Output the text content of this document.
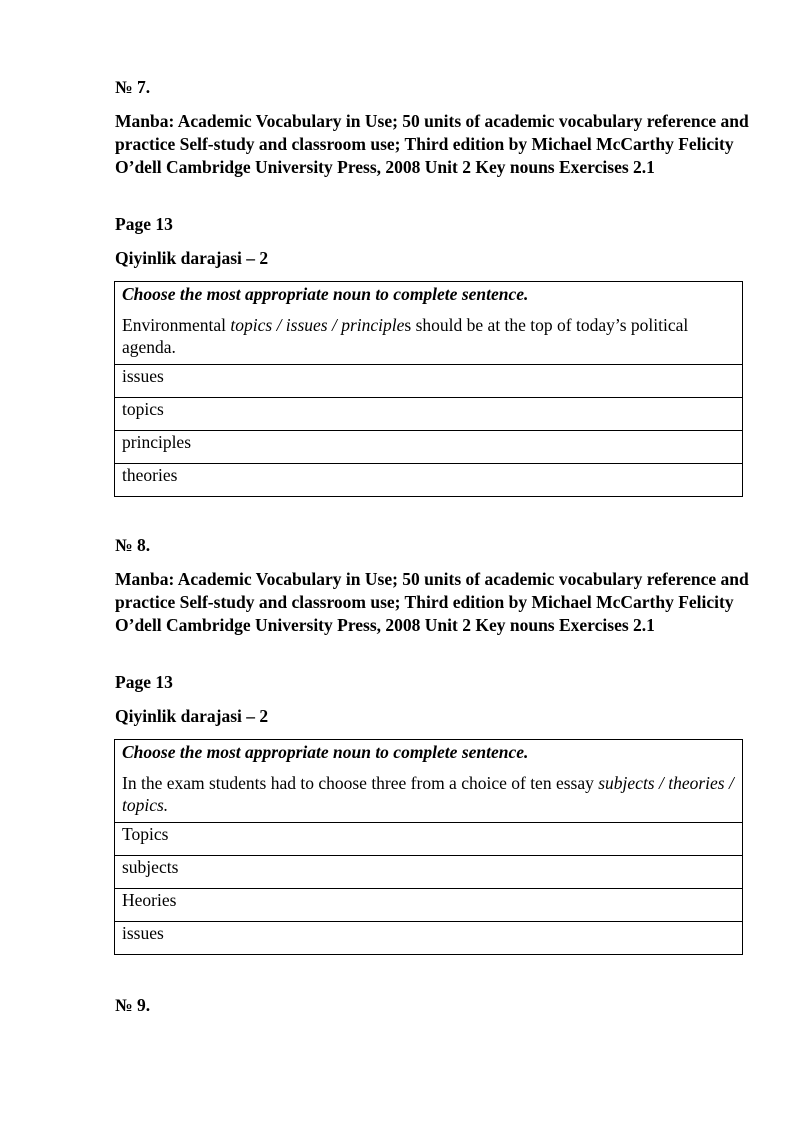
№ 7.
Manba: Academic Vocabulary in Use; 50 units of academic vocabulary reference and practice Self-study and classroom use; Third edition by Michael McCarthy Felicity O’dell Cambridge University Press, 2008 Unit 2 Key nouns Exercises 2.1
Page 13
Qiyinlik darajasi – 2
Choose the most appropriate noun to complete sentence.
Environmental topics / issues / principles should be at the top of today’s political agenda.

issues
topics
principles
theories
№ 8.
Manba: Academic Vocabulary in Use; 50 units of academic vocabulary reference and practice Self-study and classroom use; Third edition by Michael McCarthy Felicity O’dell Cambridge University Press, 2008 Unit 2 Key nouns Exercises 2.1
Page 13
Qiyinlik darajasi – 2
Choose the most appropriate noun to complete sentence.
In the exam students had to choose three from a choice of ten essay subjects / theories / topics.

Topics
subjects
Heories
issues
№ 9.
